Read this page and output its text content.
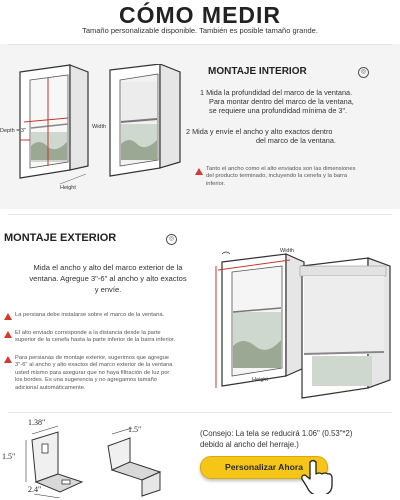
CÓMO MEDIR
Tamaño personalizable disponible. También es posible tamaño grande.
Depth = 3"
Height
Width
MONTAJE INTERIOR	◎
1 Mida la profundidad del marco de la ventana.
Para montar dentro del marco de la ventana,
se requiere una profundidad mínima de 3".
2 Mida y envíe el ancho y alto exactos dentro
del marco de la ventana.
Tanto el ancho como el alto enviados son las dimensiones
del producto terminado, incluyendo la cenefa y la barra
inferior.
MONTAJE EXTERIOR	◎
Mida el ancho y alto del marco exterior de la
ventana. Agregue 3"-6" al ancho y alto exactos
y envíe.
La persiana debe instalarse sobre el marco de la ventana.
El alto enviado corresponde a la distancia desde la parte
superior de la cenefa hasta la parte inferior de la barra inferior.
Para persianas de montaje exterior, sugerimos que agregue
3"-6" al ancho y alto exactos del marco exterior de la ventana
usted mismo para asegurar que no haya filtración de luz por
los bordes. Es una sugerencia y no agregamos tamaño
adicional automáticamente.
Width
Height
1.38"
1.5"
2.4"
1.5"	(Consejo: La tela se reducirá 1.06" (0.53"*2)
debido al ancho del herraje.)
Personalizar Ahora
